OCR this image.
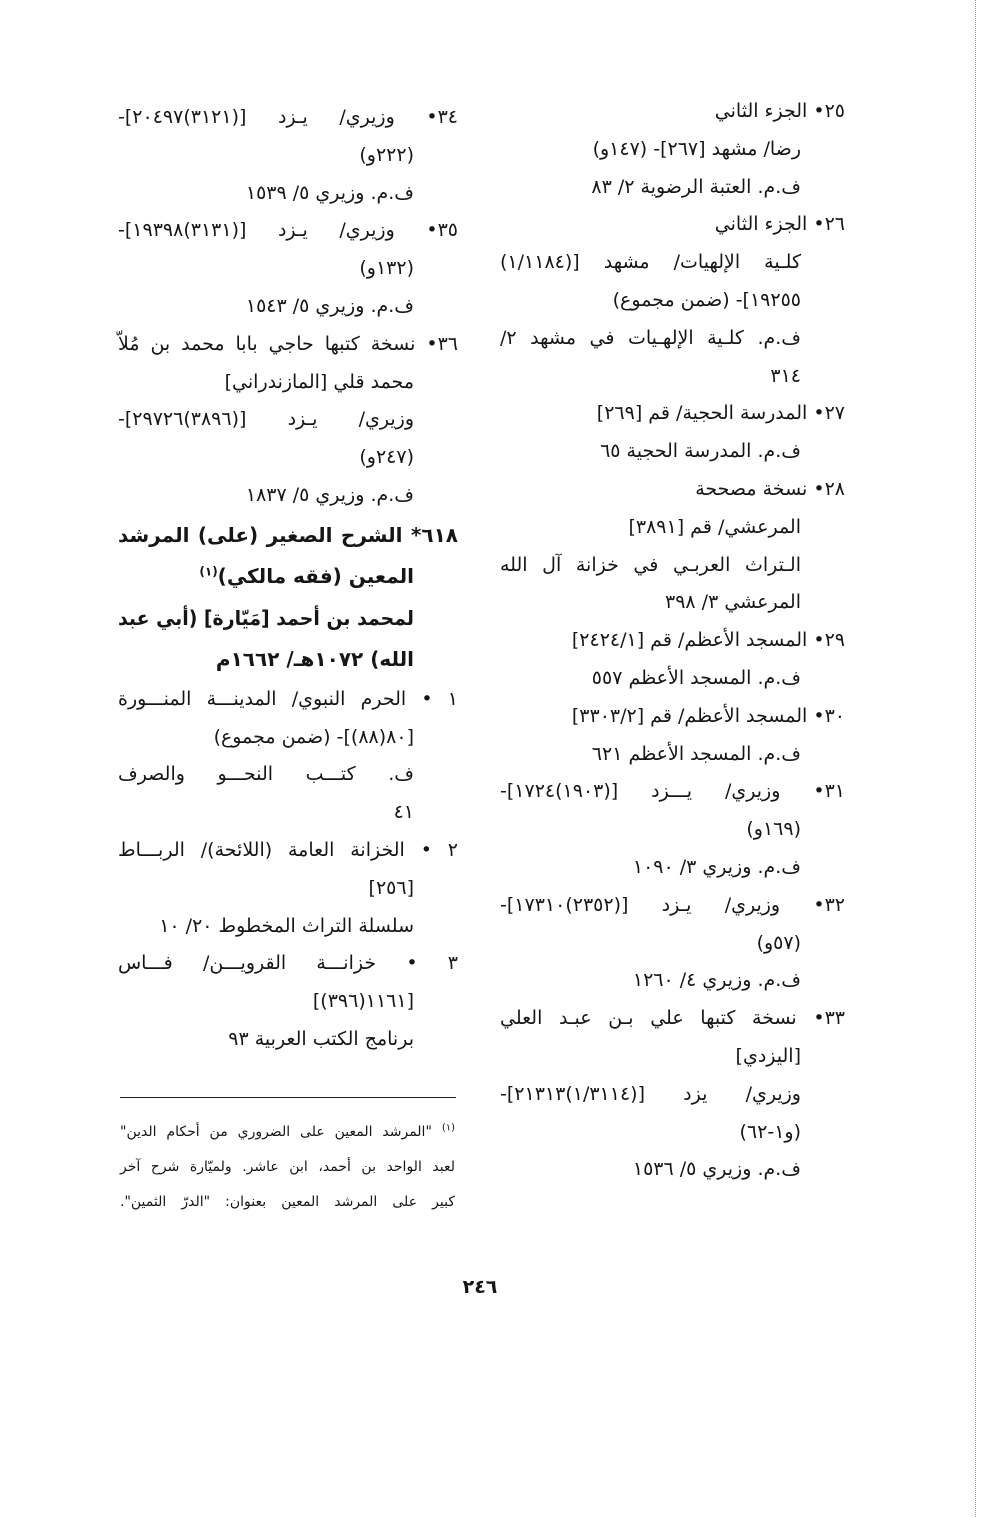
٢٥• الجزء الثاني
رضا/ مشهد [٢٦٧]- (١٤٧و)
ف.م. العتبة الرضوية ٢/ ٨٣
٢٦• الجزء الثاني
كلـية الإلهيات/ مشهد [(١/١١٨٤)
١٩٢٥٥]- (ضمن مجموع)
ف.م. كلـية الإلهـيات في مشهد ٢/
٣١٤
٢٧• المدرسة الحجية/ قم [٢٦٩]
ف.م. المدرسة الحجية ٦٥
٢٨• نسخة مصححة
المرعشي/ قم [٣٨٩١]
الـتراث العربـي في خزانة آل الله
المرعشي ٣/ ٣٩٨
٢٩• المسجد الأعظم/ قم [٢٤٢٤/١]
ف.م. المسجد الأعظم ٥٥٧
٣٠• المسجد الأعظم/ قم [٣٣٠٣/٢]
ف.م. المسجد الأعظم ٦٢١
٣١• وزيري/ يـــزد [(١٩٠٣)١٧٢٤]-
(١٦٩و)
ف.م. وزيري ٣/ ١٠٩٠
٣٢• وزيري/ يـزد [(٢٣٥٢)١٧٣١٠]-
(٥٧و)
ف.م. وزيري ٤/ ١٢٦٠
٣٣• نسخة كتبها علي بـن عبـد العلي
[اليزدي]
وزيري/ يزد [(١/٣١١٤)٢١٣١٣]-
(و١-٦٢)
ف.م. وزيري ٥/ ١٥٣٦
٣٤• وزيري/ يـزد [(٣١٢١)٢٠٤٩٧]-
(٢٢٢و)
ف.م. وزيري ٥/ ١٥٣٩
٣٥• وزيري/ يـزد [(٣١٣١)١٩٣٩٨]-
(١٣٢و)
ف.م. وزيري ٥/ ١٥٤٣
٣٦• نسخة كتبها حاجي بابا محمد بن مُلاّ
محمد قلي [المازندراني]
وزيري/ يـزد [(٣٨٩٦)٢٩٧٢٦]-
(٢٤٧و)
ف.م. وزيري ٥/ ١٨٣٧
٦١٨* الشرح الصغير (على) المرشد
المعين (فقه مالكي)$^{(١)}$
لمحمد بن أحمد [مَيّارة] (أبي عبد
الله) ١٠٧٢هـ/ ١٦٦٢م
١ • الحرم النبوي/ المدينـــة المنـــورة
[٨٠(٨٨)]- (ضمن مجموع)
ف. كتـــب النحـــو والصرف
٤١
٢ • الخزانة العامة (اللائحة)/ الربـــاط
[٢٥٦]
سلسلة التراث المخطوط ٢٠/ ١٠
٣ • خزانـــة القرويـــن/ فـــاس
[١١٦١(٣٩٦)]
برنامج الكتب العربية ٩٣
$^{(١)}$ "المرشد المعين على الضروري من أحكام الدين"
لعبد الواحد بن أحمد، ابن عاشر. ولميّارة شرح آخر
كبير على المرشد المعين بعنوان: "الدرّ الثمين".
٢٤٦
